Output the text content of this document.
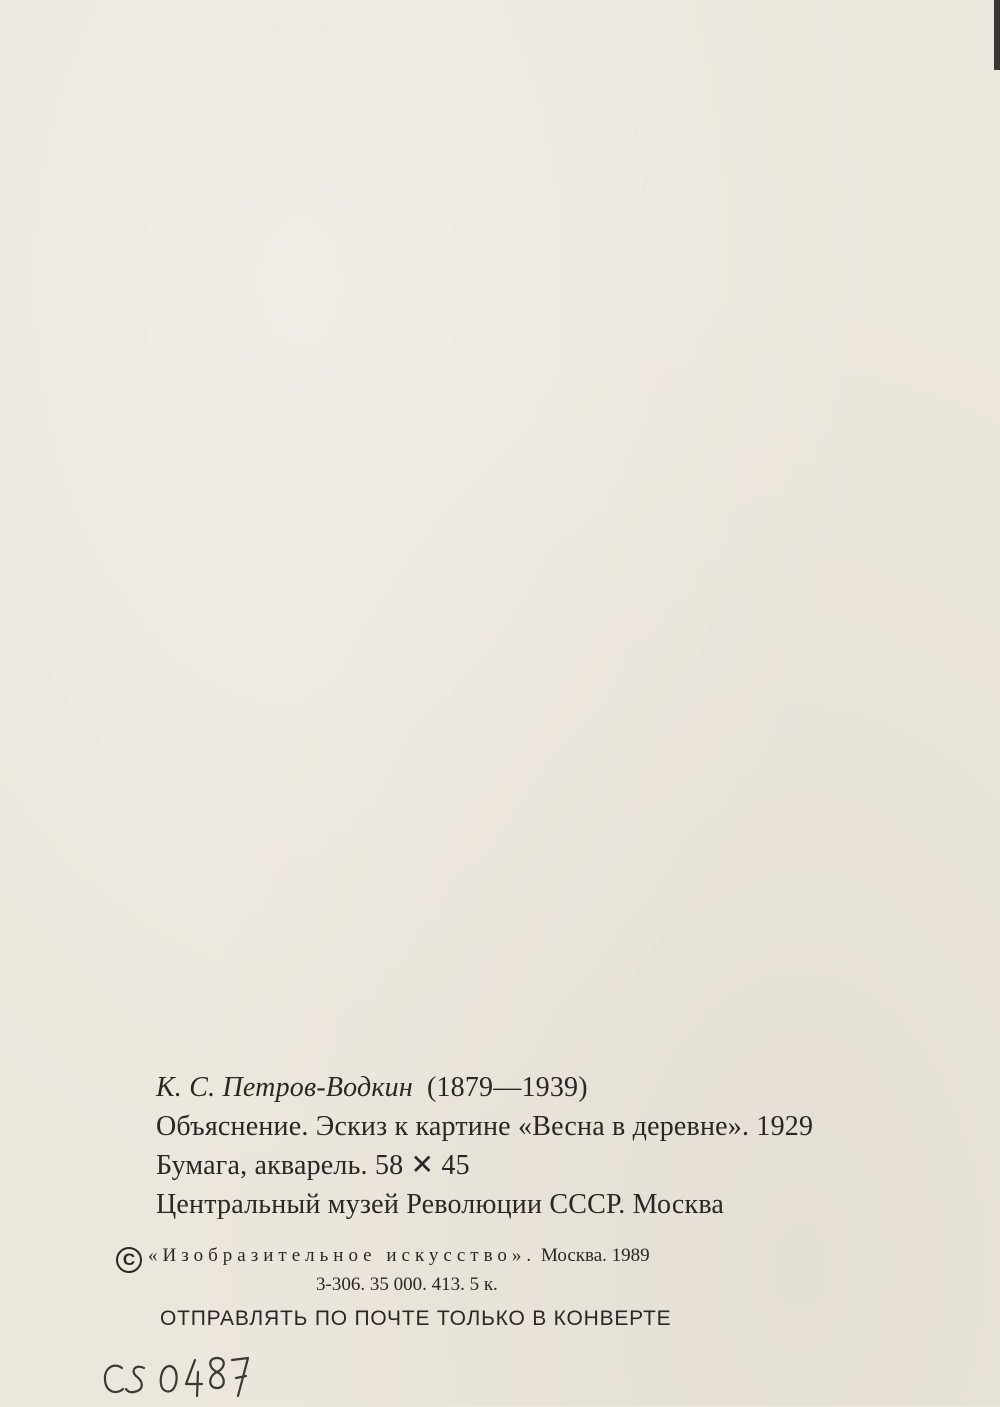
К. С. Петров-Водкин (1879—1939)
Объяснение. Эскиз к картине «Весна в деревне». 1929
Бумага, акварель. 58 ✕ 45
Центральный музей Революции СССР. Москва
C «Изобразительное искусство». Москва. 1989
3-306. 35 000. 413. 5 к.
ОТПРАВЛЯТЬ ПО ПОЧТЕ ТОЛЬКО В КОНВЕРТЕ
